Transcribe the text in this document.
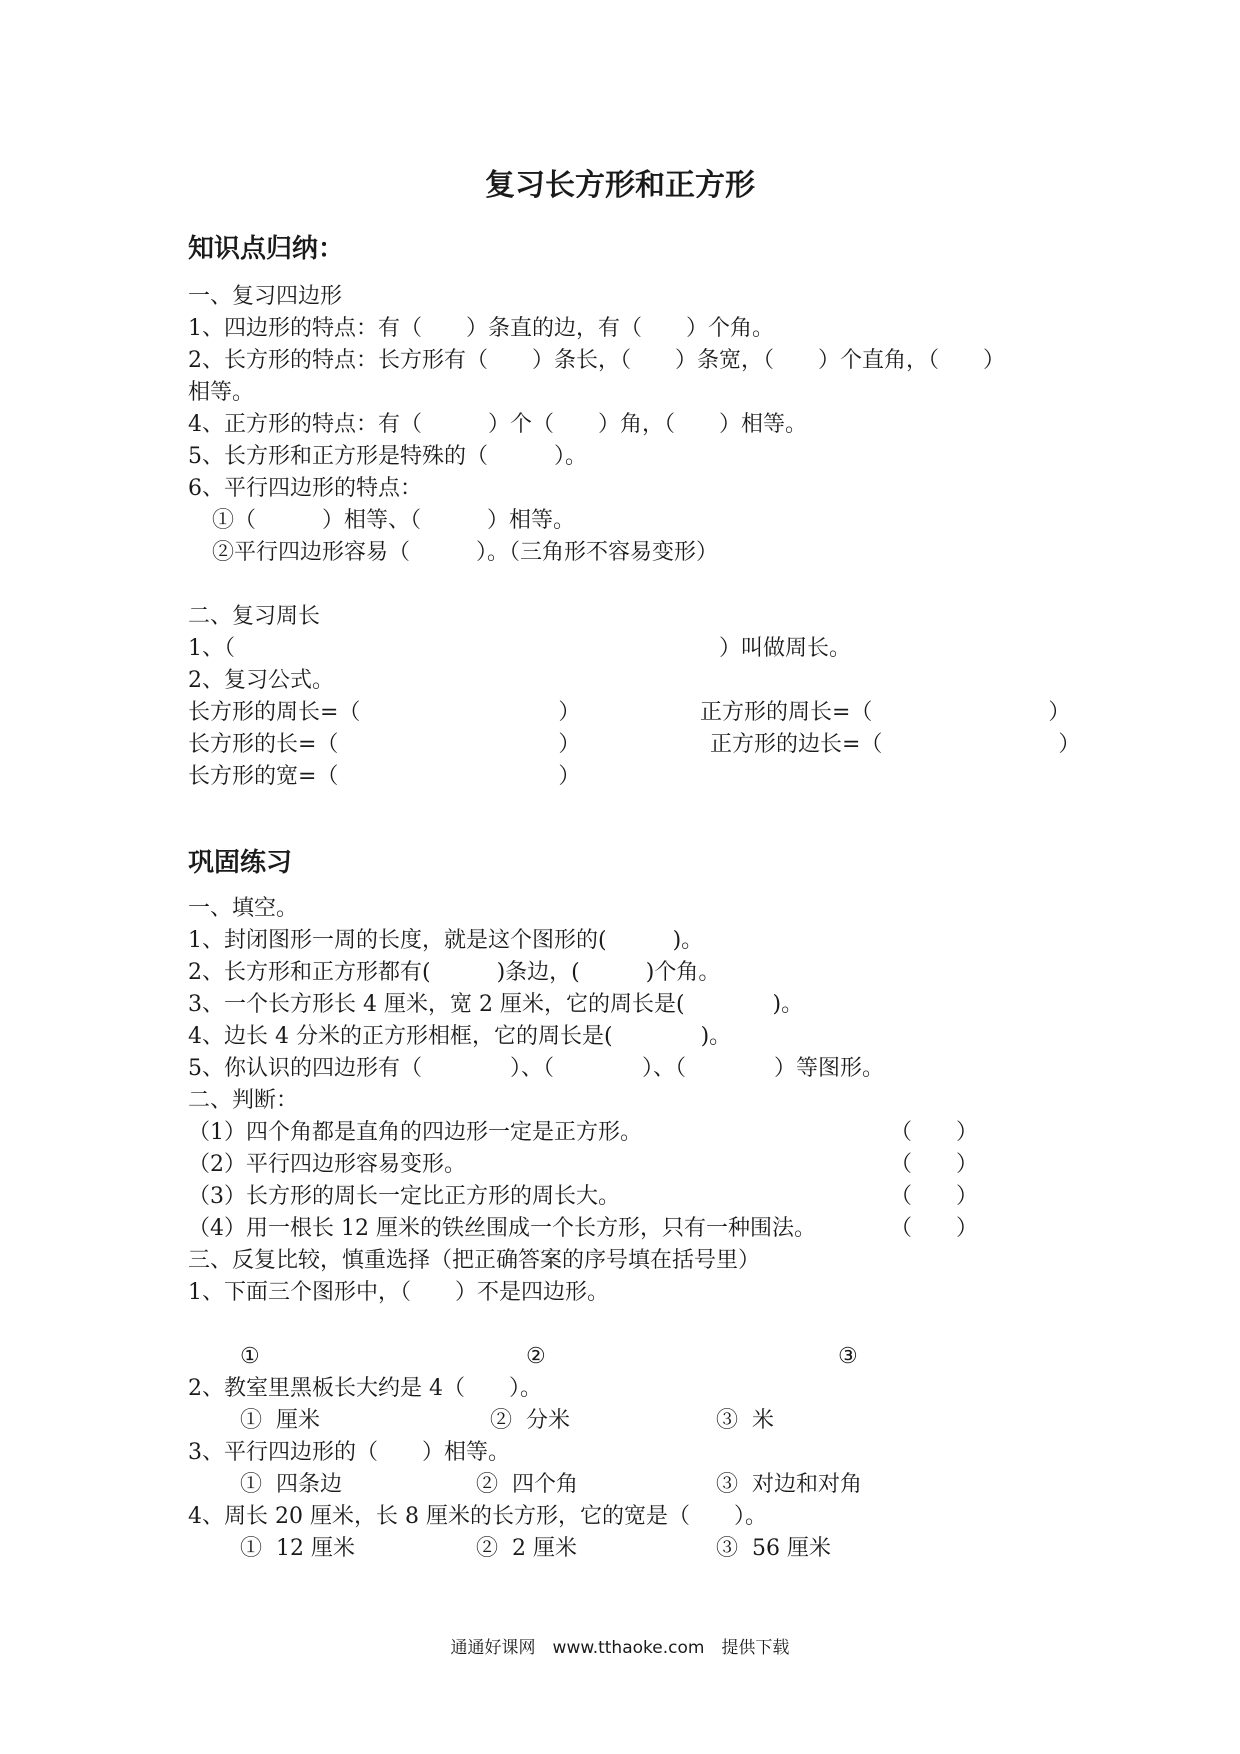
复习长方形和正方形
知识点归纳：
一、复习四边形
1、四边形的特点：有（　　）条直的边，有（　　）个角。
2、长方形的特点：长方形有（　　）条长，（　　）条宽，（　　）个直角，（　　）
相等。
4、正方形的特点：有（　　　）个（　　）角，（　　）相等。
5、长方形和正方形是特殊的（　　　）。
6、平行四边形的特点：
①（　　　）相等、（　　　）相等。
②平行四边形容易（　　　）。（三角形不容易变形）
二、复习周长
1、（　　　　　　　　　　　　　　　　　　　　　　）叫做周长。
2、复习公式。
长方形的周长=（　　　　　　　　　）	正方形的周长=（　　　　　　　　）
长方形的长=（　　　　　　　　　　）	正方形的边长=（　　　　　　　　）
长方形的宽=（　　　　　　　　　　）
巩固练习
一、填空。
1、封闭图形一周的长度，就是这个图形的(　　　)。
2、长方形和正方形都有(　　　)条边，(　　　)个角。
3、一个长方形长 4 厘米，宽 2 厘米，它的周长是(　　　　)。
4、边长 4 分米的正方形相框，它的周长是(　　　　)。
5、你认识的四边形有（　　　　）、（　　　　）、（　　　　）等图形。
二、判断：
（1）四个角都是直角的四边形一定是正方形。	（　　）
（2）平行四边形容易变形。	（　　）
（3）长方形的周长一定比正方形的周长大。	（　　）
（4）用一根长 12 厘米的铁丝围成一个长方形，只有一种围法。	（　　）
三、反复比较，慎重选择（把正确答案的序号填在括号里）
1、下面三个图形中，（　　）不是四边形。
①	②	③
2、教室里黑板长大约是 4（　　）。
①  厘米	②  分米	③  米
3、平行四边形的（　　）相等。
①  四条边	②  四个角	③  对边和对角
4、周长 20 厘米，长 8 厘米的长方形，它的宽是（　　）。
①  12 厘米	②  2 厘米	③  56 厘米
通通好课网　www.tthaoke.com　提供下载
